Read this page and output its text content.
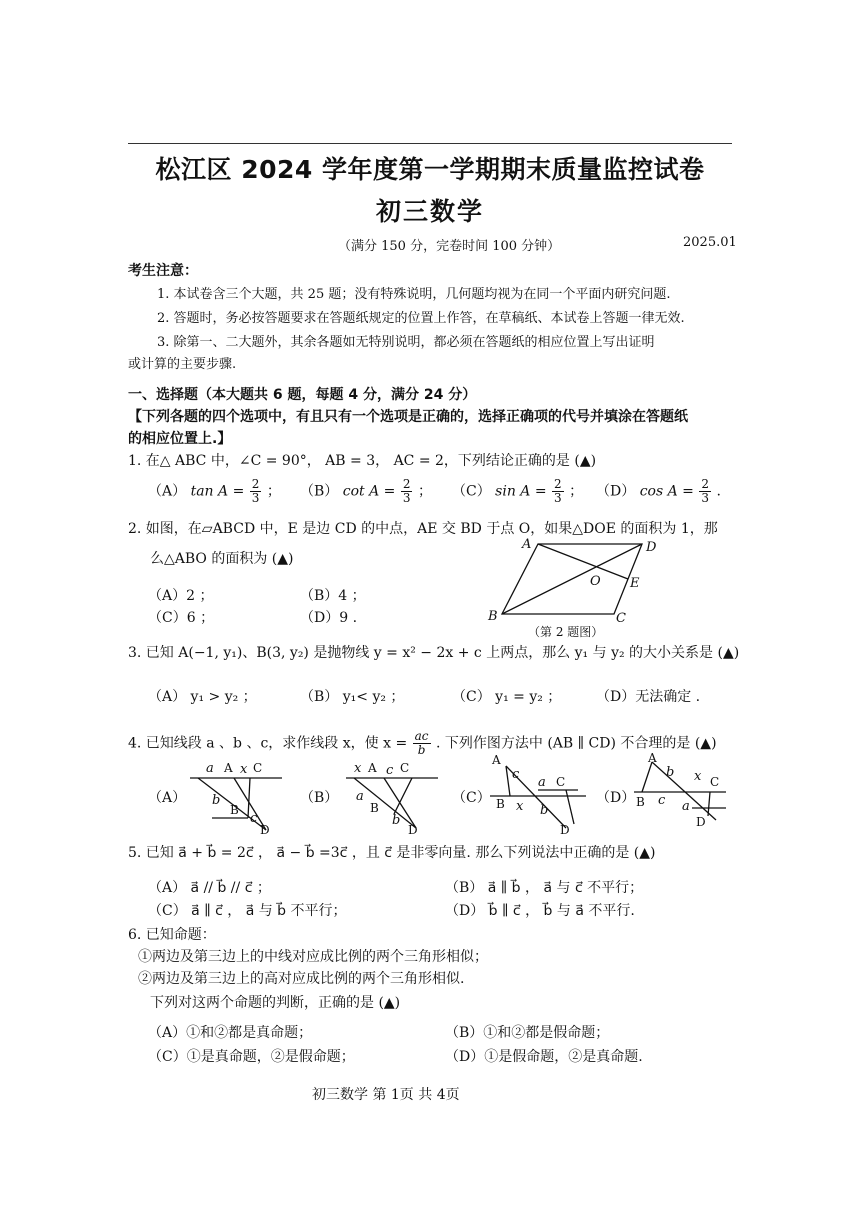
松江区 2024 学年度第一学期期末质量监控试卷
初三数学
（满分 150 分，完卷时间 100 分钟）	2025.01
考生注意：
1. 本试卷含三个大题，共 25 题；没有特殊说明，几何题均视为在同一个平面内研究问题.
2. 答题时，务必按答题要求在答题纸规定的位置上作答，在草稿纸、本试卷上答题一律无效.
3. 除第一、二大题外，其余各题如无特别说明，都必须在答题纸的相应位置上写出证明
或计算的主要步骤.
一、选择题（本大题共 6 题，每题 4 分，满分 24 分）
【下列各题的四个选项中，有且只有一个选项是正确的，选择正确项的代号并填涂在答题纸
的相应位置上.】
1. 在△ ABC 中，∠C = 90°， AB = 3， AC = 2，下列结论正确的是 (▲)
（A） $\tan A = \frac{2}{3}$ ； （B） $\cot A = \frac{2}{3}$ ； （C） $\sin A = \frac{2}{3}$ ； （D） $\cos A = \frac{2}{3}$ .
2. 如图，在▱ABCD 中，E 是边 CD 的中点，AE 交 BD 于点 O，如果△DOE 的面积为 1，那
么△ABO 的面积为 (▲)
（A）2 ；	（B）4 ；
（C）6 ；	（D）9 .
A	D
B	C
O E
（第 2 题图）
3. 已知 A(−1, y₁)、B(3, y₂) 是抛物线 y = x² − 2x + c 上两点，那么 y₁ 与 y₂ 的大小关系是 (▲)
（A） y₁ > y₂ ；	（B） y₁< y₂ ；	（C） y₁ = y₂ ； （D）无法确定 .
4. 已知线段 a 、b 、c，求作线段 x，使 $x = \frac{ac}{b}$ . 下列作图方法中 (AB ∥ CD) 不合理的是 (▲)
（A）
a A x C
b
B
c
D
（B）
x A c C
a
B
b
D
（C）
A
c
a C
B x b
D
（D）
A
b x C
B c a
D
5. 已知 a⃗ + b⃗ = 2c⃗ ， a⃗ − b⃗ =3c⃗ ，且 c⃗ 是非零向量. 那么下列说法中正确的是 (▲)
（A） a⃗ // b⃗ // c⃗ ；	（B） a⃗ ∥ b⃗ ， a⃗ 与 c⃗ 不平行；
（C） a⃗ ∥ c⃗ ， a⃗ 与 b⃗ 不平行；	（D） b⃗ ∥ c⃗ ， b⃗ 与 a⃗ 不平行.
6. 已知命题：
①两边及第三边上的中线对应成比例的两个三角形相似；
②两边及第三边上的高对应成比例的两个三角形相似.
下列对这两个命题的判断，正确的是 (▲)
（A）①和②都是真命题；	（B）①和②都是假命题；
（C）①是真命题，②是假命题；	（D）①是假命题，②是真命题.
初三数学 第 1页 共 4页
